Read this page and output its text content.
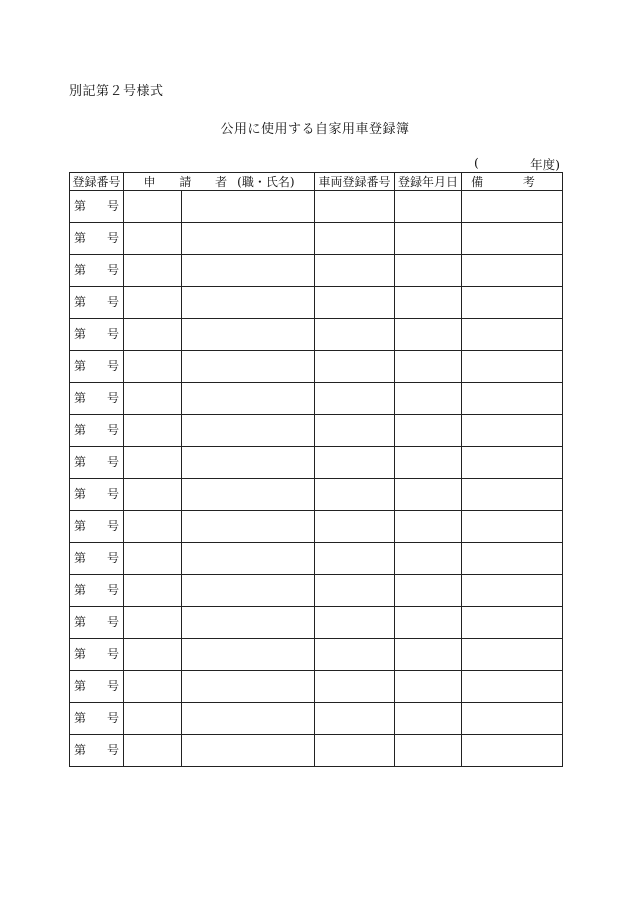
別記第２号様式
公用に使用する自家用車登録簿
(	年度)
登録番号	申 請 者(職・氏名)		車両登録番号	登録年月日	備 考

第 号					

第 号					

第 号					

第 号					

第 号					

第 号					

第 号					

第 号					

第 号					

第 号					

第 号					

第 号					

第 号					

第 号					

第 号					

第 号					

第 号					

第 号					
